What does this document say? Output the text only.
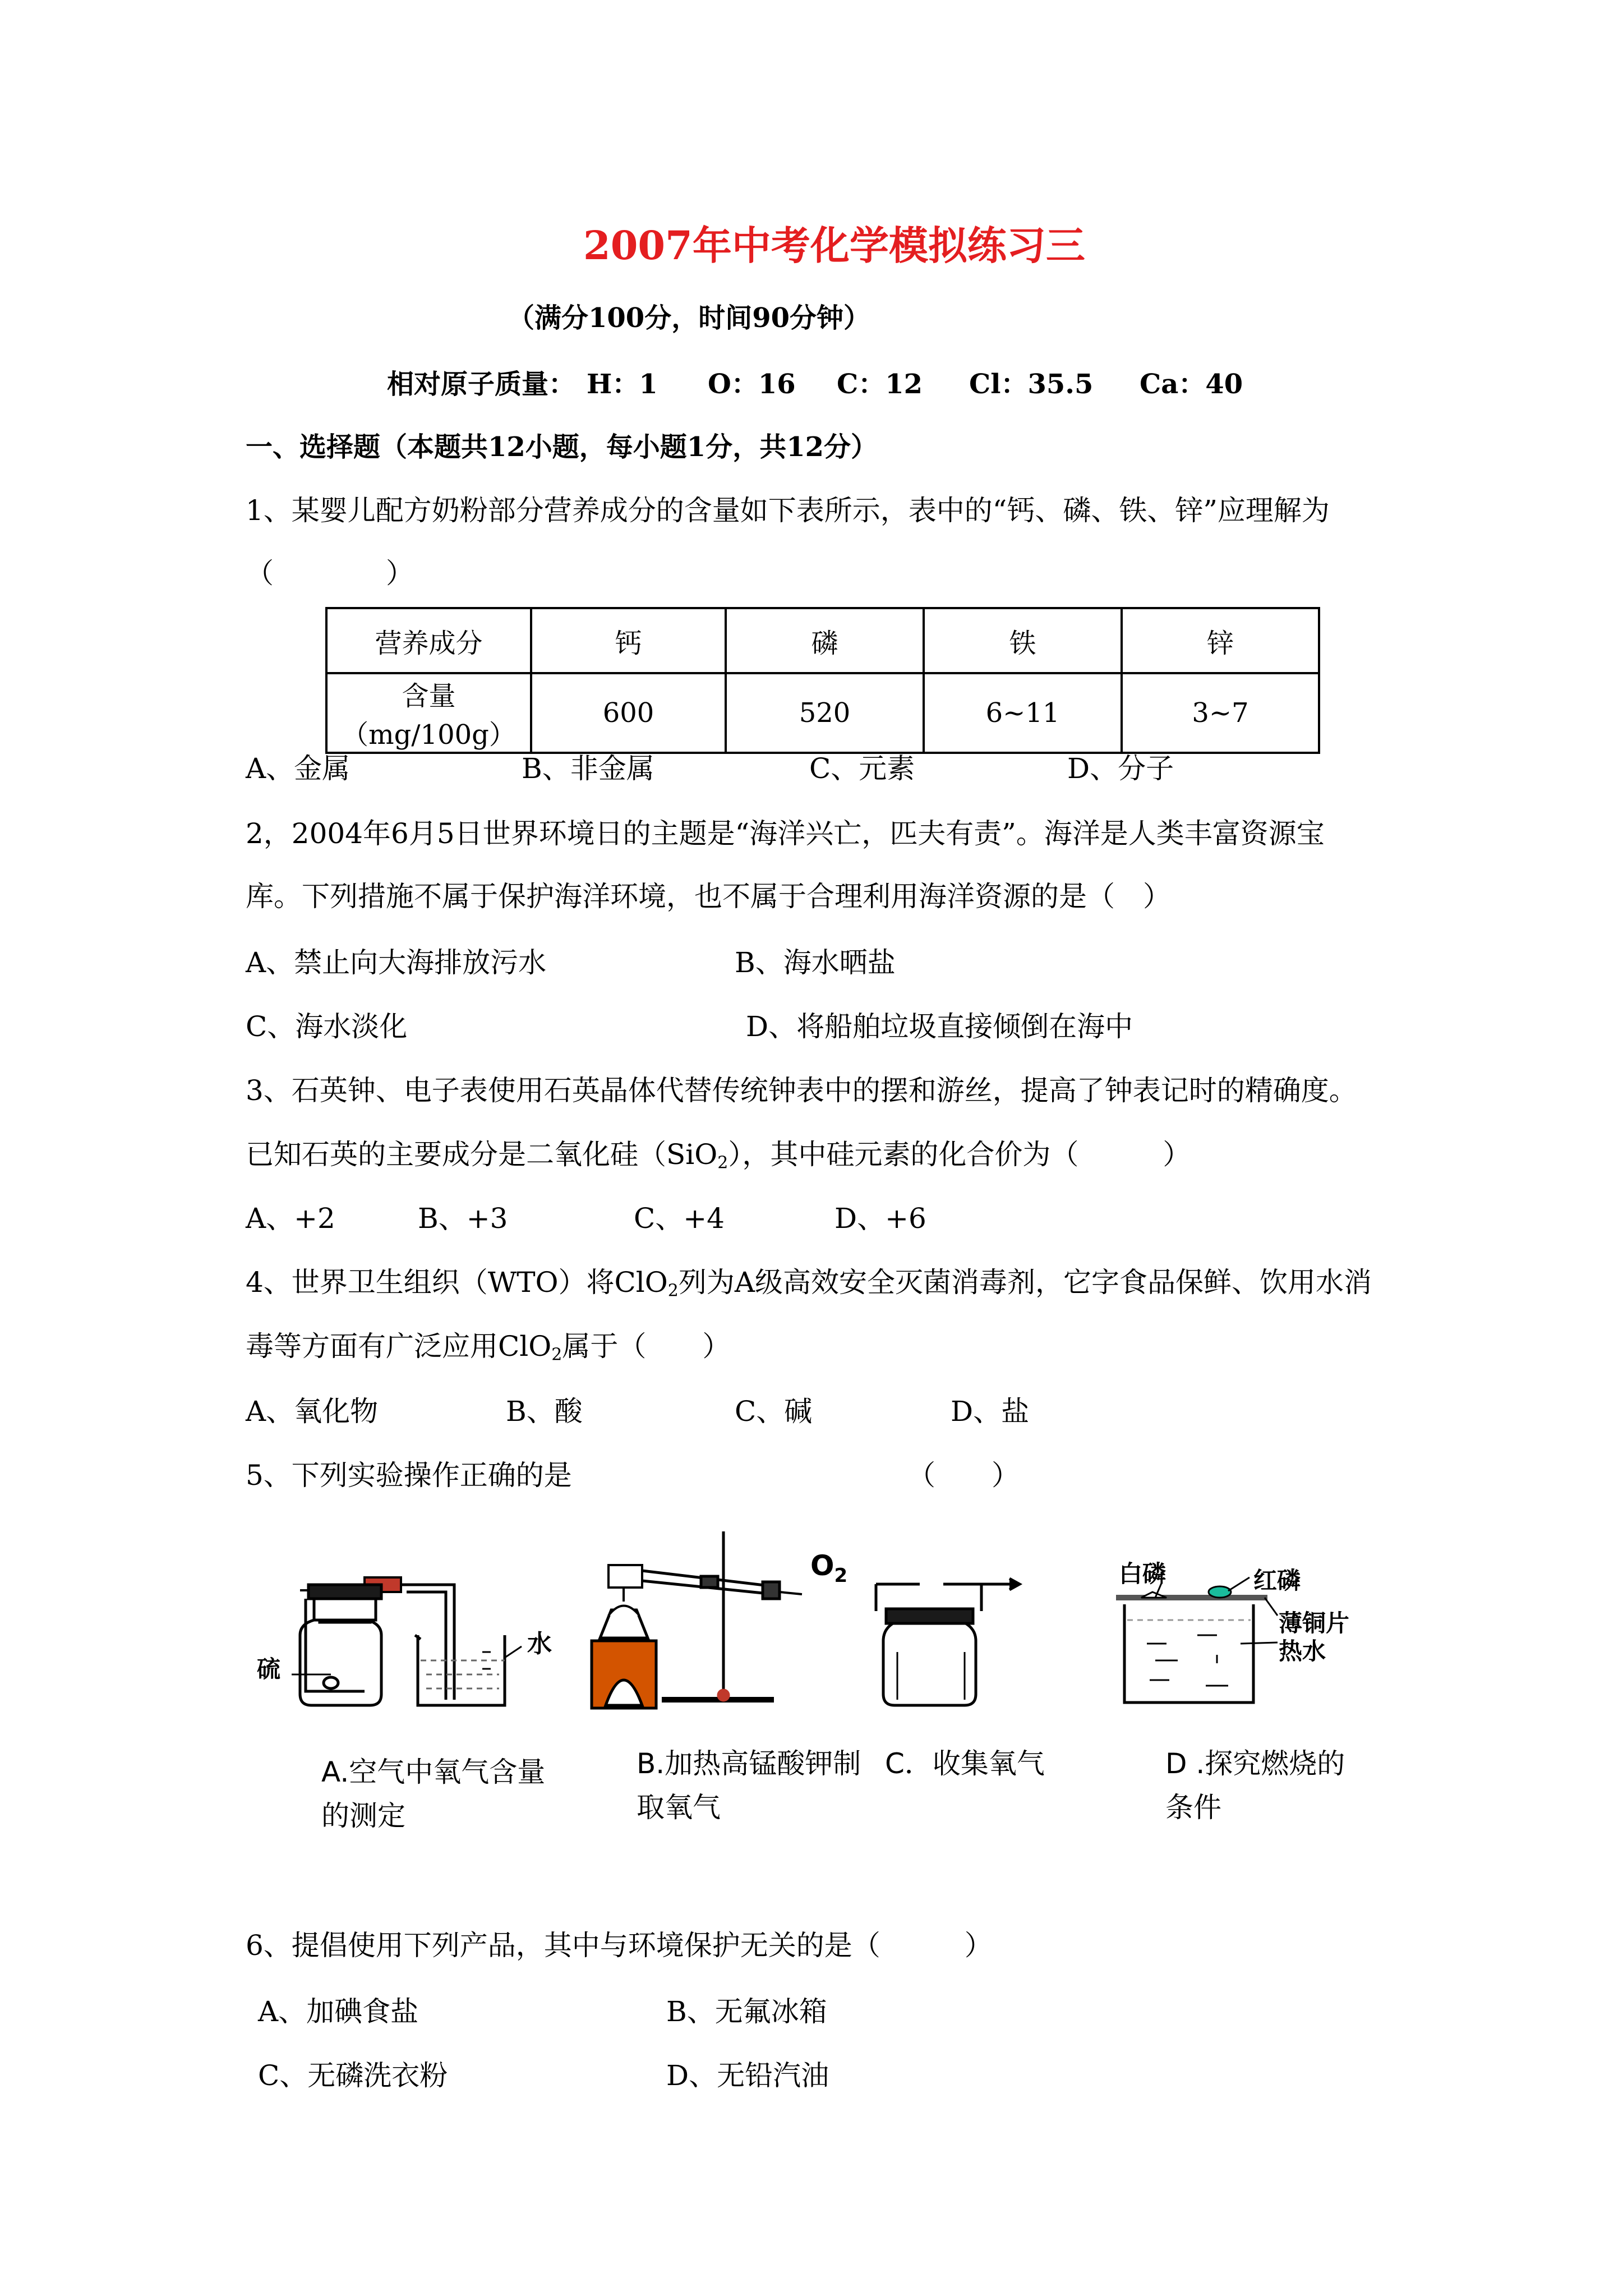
2007年中考化学模拟练习三
（满分100分，时间90分钟）
相对原子质量： H：1 O：16 C：12 Cl：35.5 Ca：40
一、选择题（本题共12小题，每小题1分，共12分）
1、某婴儿配方奶粉部分营养成分的含量如下表所示，表中的“钙、磷、铁、锌”应理解为
（　　　　）
营养成分	钙	磷	铁	锌
含量（mg/100g）	600	520	6~11	3~7
A、金属	B、非金属	C、元素	D、分子
2，2004年6月5日世界环境日的主题是“海洋兴亡，匹夫有责”。海洋是人类丰富资源宝
库。下列措施不属于保护海洋环境，也不属于合理利用海洋资源的是（　）
A、禁止向大海排放污水	B、海水晒盐
C、海水淡化	D、将船舶垃圾直接倾倒在海中
3、石英钟、电子表使用石英晶体代替传统钟表中的摆和游丝，提高了钟表记时的精确度。
已知石英的主要成分是二氧化硅（SiO$_2$），其中硅元素的化合价为（　　　）
A、+2	B、+3	C、+4	D、+6
4、世界卫生组织（WTO）将ClO$_2$列为A级高效安全灭菌消毒剂，它字食品保鲜、饮用水消
毒等方面有广泛应用ClO$_2$属于（　　）
A、氧化物	B、酸	C、碱	D、盐
5、下列实验操作正确的是	（　　）
水
硫
$O_2$	白磷	红磷
薄铜片
热水
A.空气中氧气含量的测定
B.加热高锰酸钾制取氧气
C．收集氧气	D .探究燃烧的条件
6、提倡使用下列产品，其中与环境保护无关的是（　　　）
A、加碘食盐	B、无氟冰箱
C、无磷洗衣粉	D、无铅汽油
